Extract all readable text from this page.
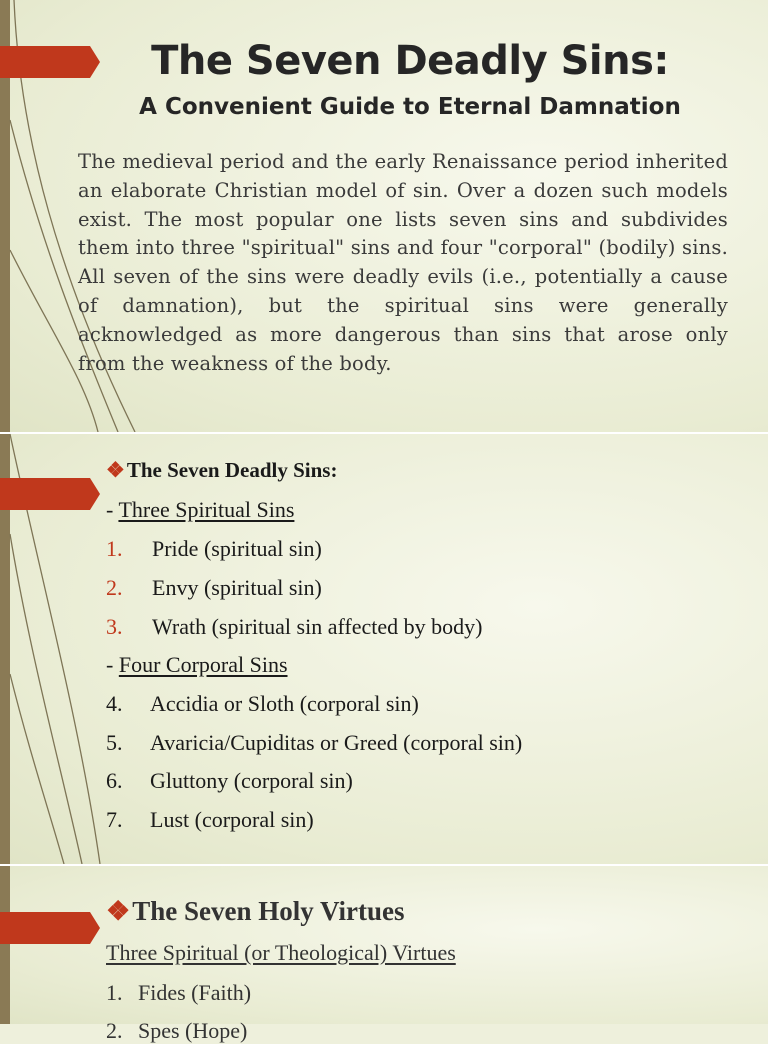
The Seven Deadly Sins:
A Convenient Guide to Eternal Damnation
The medieval period and the early Renaissance period inherited an elaborate Christian model of sin. Over a dozen such models exist. The most popular one lists seven sins and subdivides them into three "spiritual" sins and four "corporal" (bodily) sins. All seven of the sins were deadly evils (i.e., potentially a cause of damnation), but the spiritual sins were generally acknowledged as more dangerous than sins that arose only from the weakness of the body.
❖The Seven Deadly Sins:
- Three Spiritual Sins
1. Pride (spiritual sin)
2. Envy (spiritual sin)
3. Wrath (spiritual sin affected by body)
- Four Corporal Sins
4. Accidia or Sloth (corporal sin)
5. Avaricia/Cupiditas or Greed (corporal sin)
6. Gluttony (corporal sin)
7. Lust (corporal sin)
❖The Seven Holy Virtues
Three Spiritual (or Theological) Virtues
1. Fides (Faith)
2. Spes (Hope)
